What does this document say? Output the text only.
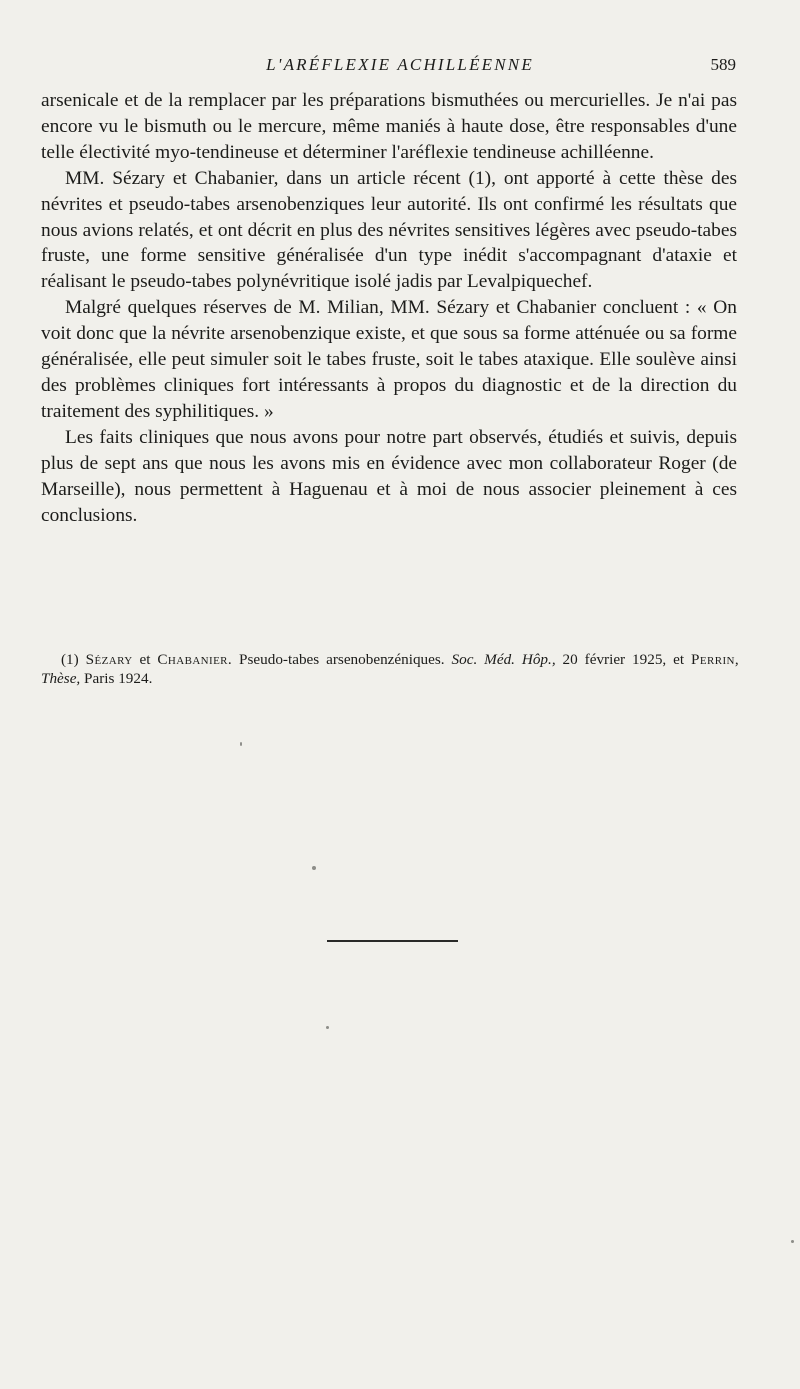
L'ARÉFLEXIE ACHILLÉENNE	589

arsenicale et de la remplacer par les préparations bismuthées ou mercurielles. Je n'ai pas encore vu le bismuth ou le mercure, même maniés à haute dose, être responsables d'une telle électivité myo-tendineuse et déterminer l'aréflexie tendineuse achilléenne.

MM. Sézary et Chabanier, dans un article récent (1), ont apporté à cette thèse des névrites et pseudo-tabes arsenobenziques leur autorité. Ils ont confirmé les résultats que nous avions relatés, et ont décrit en plus des névrites sensitives légères avec pseudo-tabes fruste, une forme sensitive généralisée d'un type inédit s'accompagnant d'ataxie et réalisant le pseudo-tabes polynévritique isolé jadis par Levalpiquechef.

Malgré quelques réserves de M. Milian, MM. Sézary et Chabanier concluent : « On voit donc que la névrite arsenobenzique existe, et que sous sa forme atténuée ou sa forme généralisée, elle peut simuler soit le tabes fruste, soit le tabes ataxique. Elle soulève ainsi des problèmes cliniques fort intéressants à propos du diagnostic et de la direction du traitement des syphilitiques. »

Les faits cliniques que nous avons pour notre part observés, étudiés et suivis, depuis plus de sept ans que nous les avons mis en évidence avec mon collaborateur Roger (de Marseille), nous permettent à Haguenau et à moi de nous associer pleinement à ces conclusions.

(1) Sézary et Chabanier. Pseudo-tabes arsenobenzéniques. Soc. Méd. Hôp., 20 février 1925, et Perrin, Thèse, Paris 1924.
